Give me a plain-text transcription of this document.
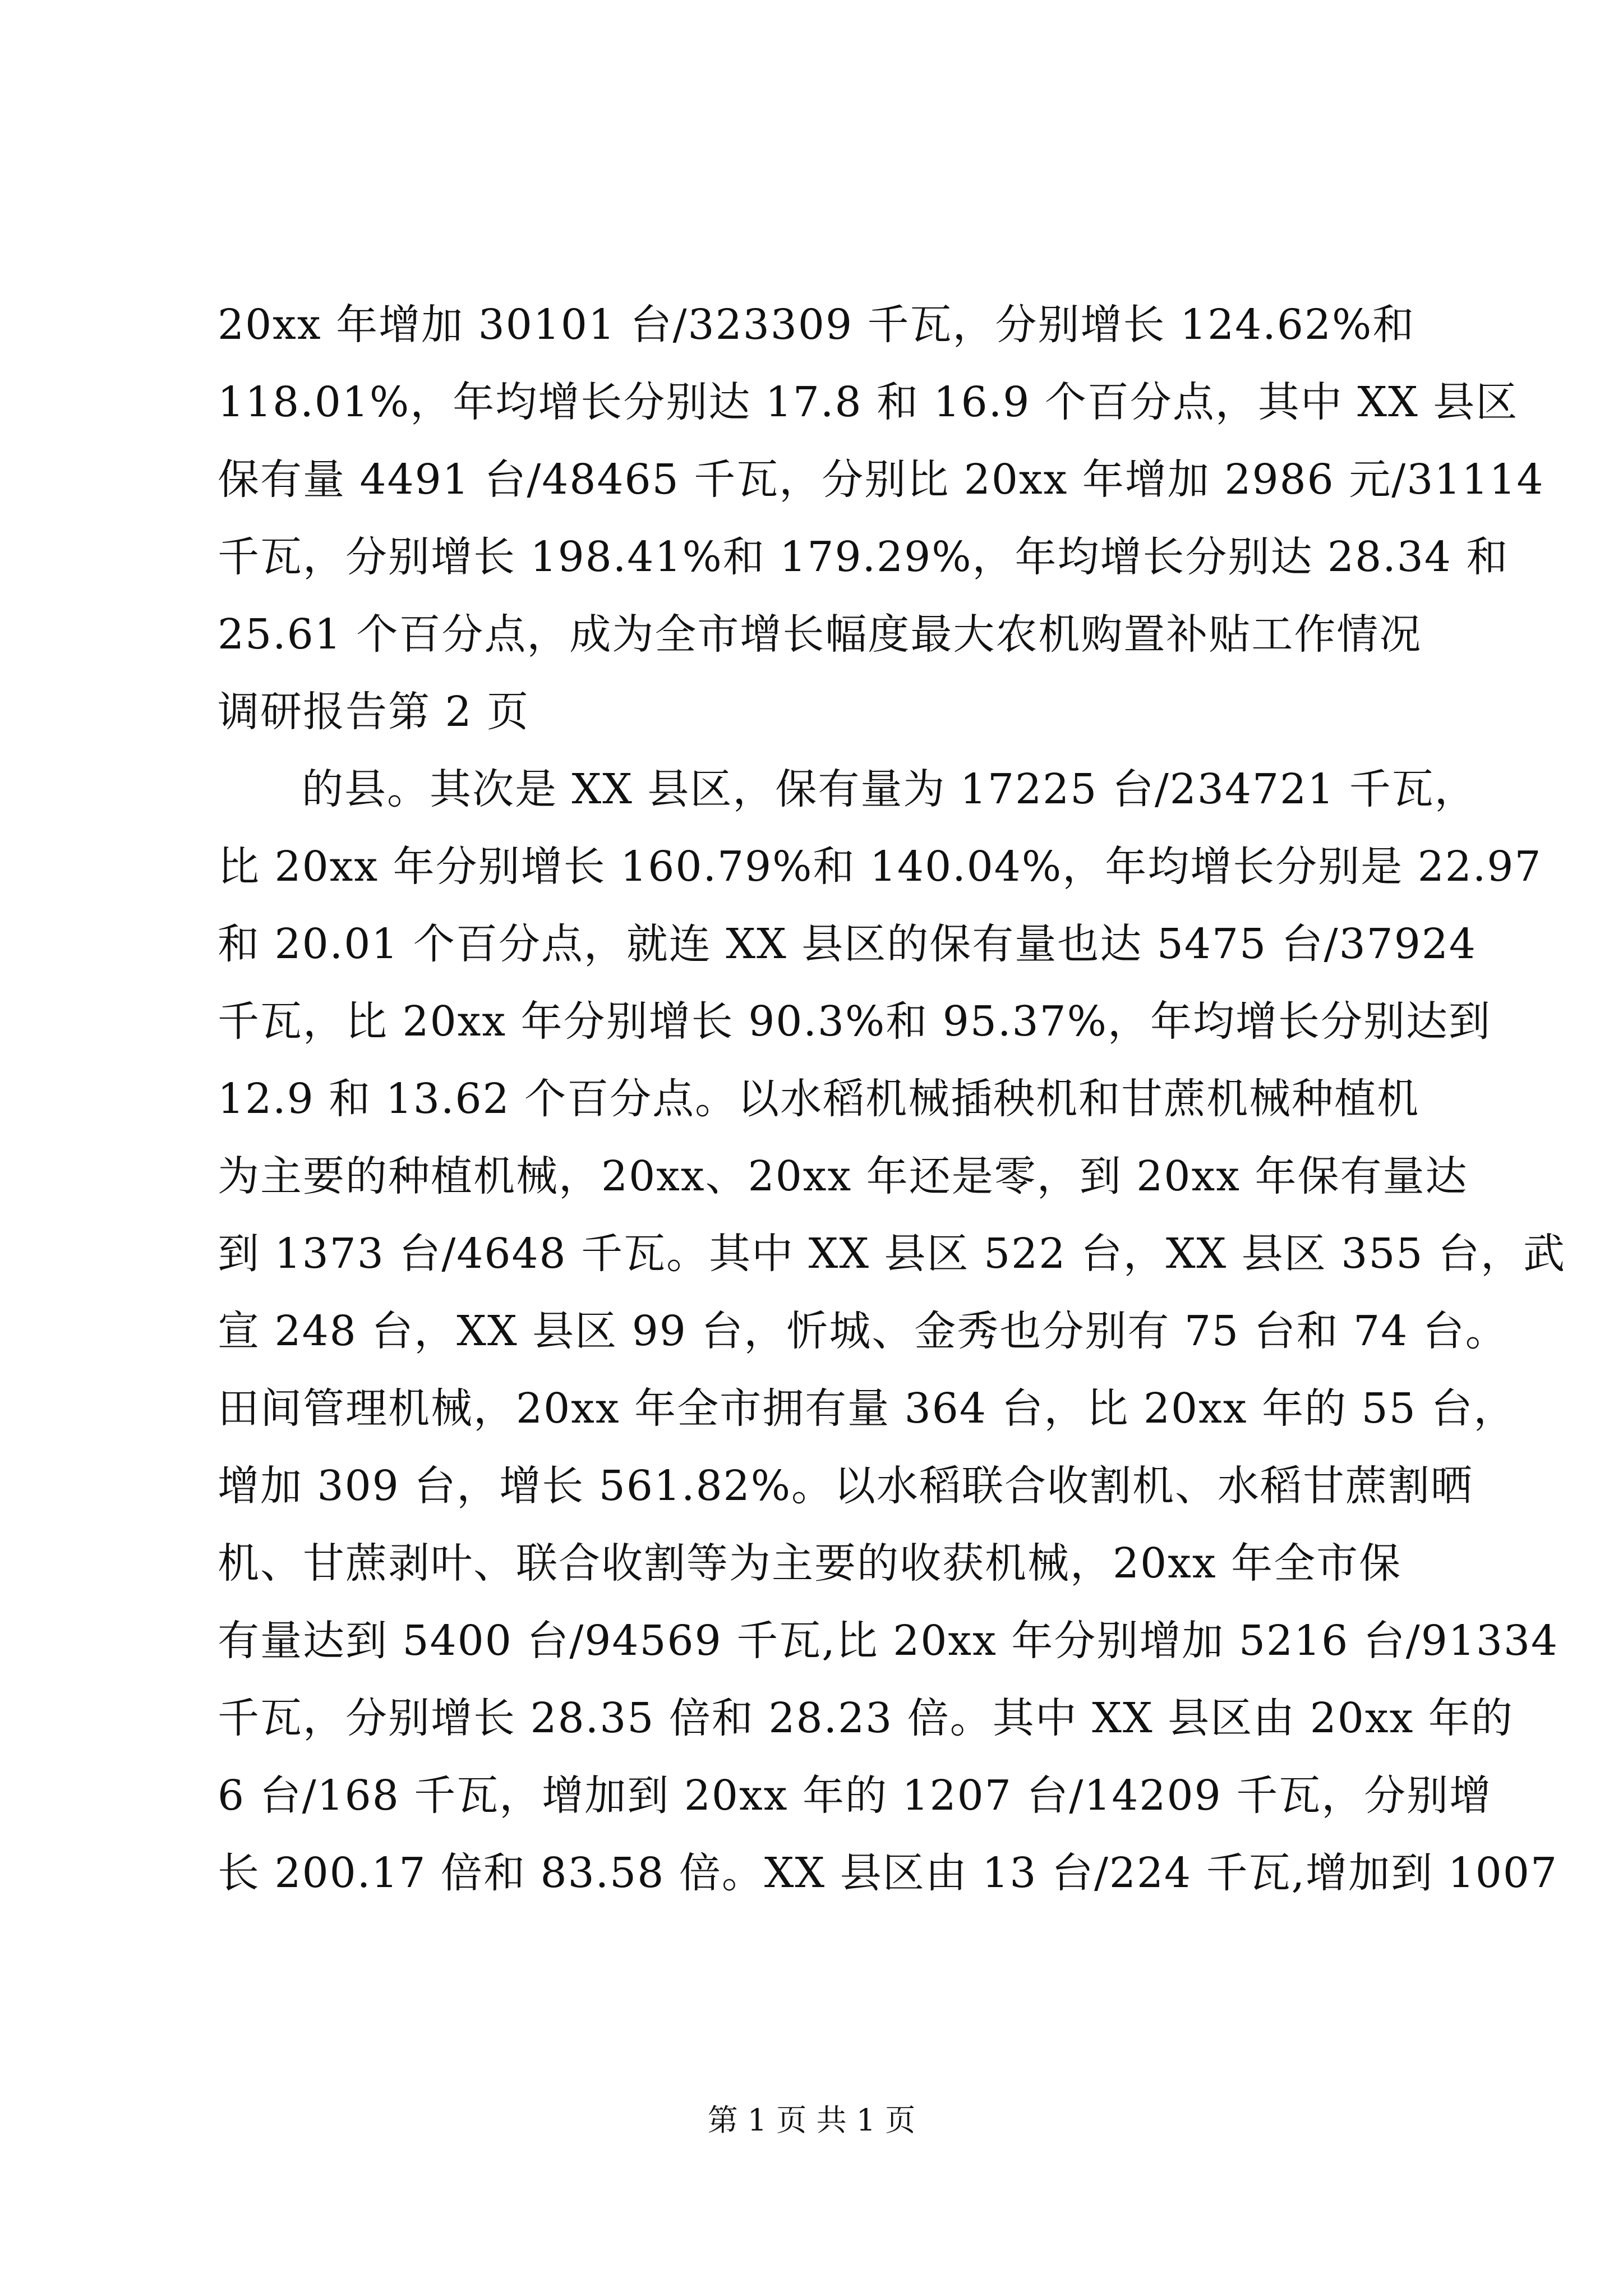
20xx 年增加 30101 台/323309 千瓦，分别增长 124.62%和
118.01%，年均增长分别达 17.8 和 16.9 个百分点，其中 XX 县区
保有量 4491 台/48465 千瓦，分别比 20xx 年增加 2986 元/31114
千瓦，分别增长 198.41%和 179.29%，年均增长分别达 28.34 和
25.61 个百分点，成为全市增长幅度最大农机购置补贴工作情况
调研报告第 2 页
的县。其次是 XX 县区，保有量为 17225 台/234721 千瓦，
比 20xx 年分别增长 160.79%和 140.04%，年均增长分别是 22.97
和 20.01 个百分点，就连 XX 县区的保有量也达 5475 台/37924
千瓦，比 20xx 年分别增长 90.3%和 95.37%，年均增长分别达到
12.9 和 13.62 个百分点。以水稻机械插秧机和甘蔗机械种植机
为主要的种植机械，20xx、20xx 年还是零，到 20xx 年保有量达
到 1373 台/4648 千瓦。其中 XX 县区 522 台，XX 县区 355 台，武
宣 248 台，XX 县区 99 台，忻城、金秀也分别有 75 台和 74 台。
田间管理机械，20xx 年全市拥有量 364 台，比 20xx 年的 55 台，
增加 309 台，增长 561.82%。以水稻联合收割机、水稻甘蔗割晒
机、甘蔗剥叶、联合收割等为主要的收获机械，20xx 年全市保
有量达到 5400 台/94569 千瓦,比 20xx 年分别增加 5216 台/91334
千瓦，分别增长 28.35 倍和 28.23 倍。其中 XX 县区由 20xx 年的
6 台/168 千瓦，增加到 20xx 年的 1207 台/14209 千瓦，分别增
长 200.17 倍和 83.58 倍。XX 县区由 13 台/224 千瓦,增加到 1007
第 1 页 共 1 页
